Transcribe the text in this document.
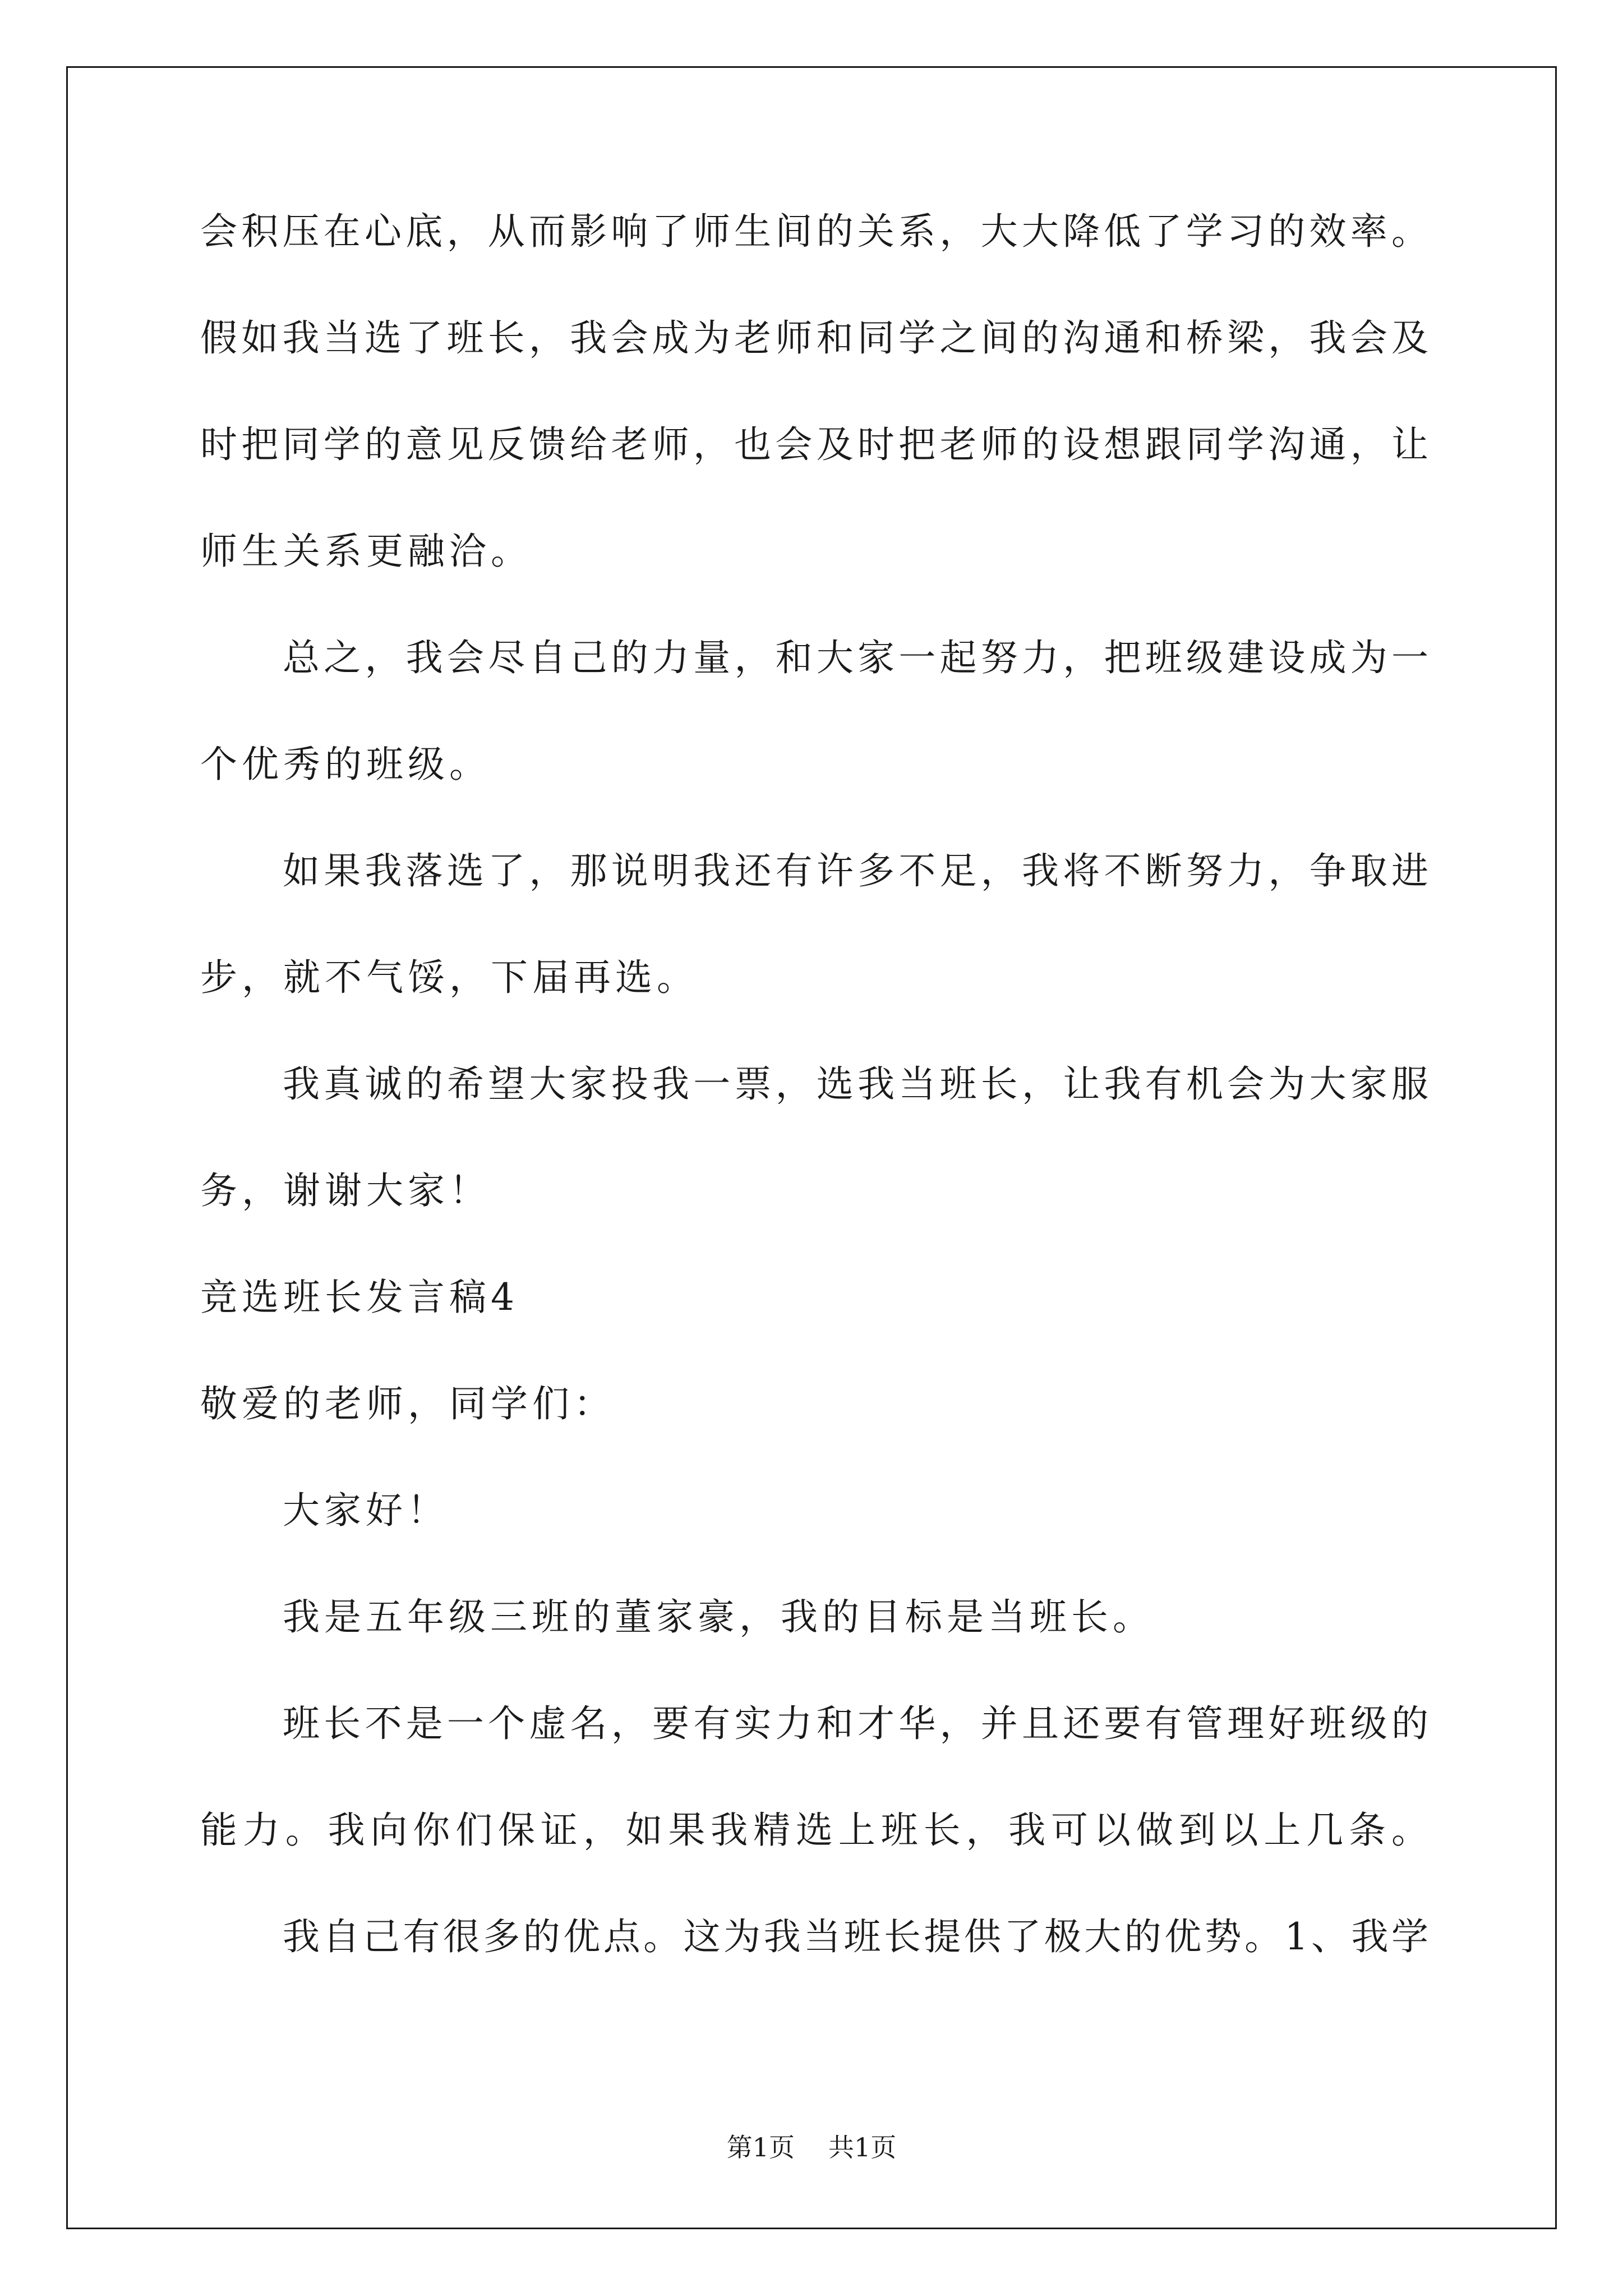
会积压在心底，从而影响了师生间的关系，大大降低了学习的效率。
假如我当选了班长，我会成为老师和同学之间的沟通和桥梁，我会及
时把同学的意见反馈给老师，也会及时把老师的设想跟同学沟通，让
师生关系更融洽。
总之，我会尽自己的力量，和大家一起努力，把班级建设成为一
个优秀的班级。
如果我落选了，那说明我还有许多不足，我将不断努力，争取进
步，就不气馁，下届再选。
我真诚的希望大家投我一票，选我当班长，让我有机会为大家服
务，谢谢大家！
竞选班长发言稿4
敬爱的老师，同学们：
大家好！
我是五年级三班的董家豪，我的目标是当班长。
班长不是一个虚名，要有实力和才华，并且还要有管理好班级的
能力。我向你们保证，如果我精选上班长，我可以做到以上几条。
我自己有很多的优点。这为我当班长提供了极大的优势。1、我学
第1页 共1页
